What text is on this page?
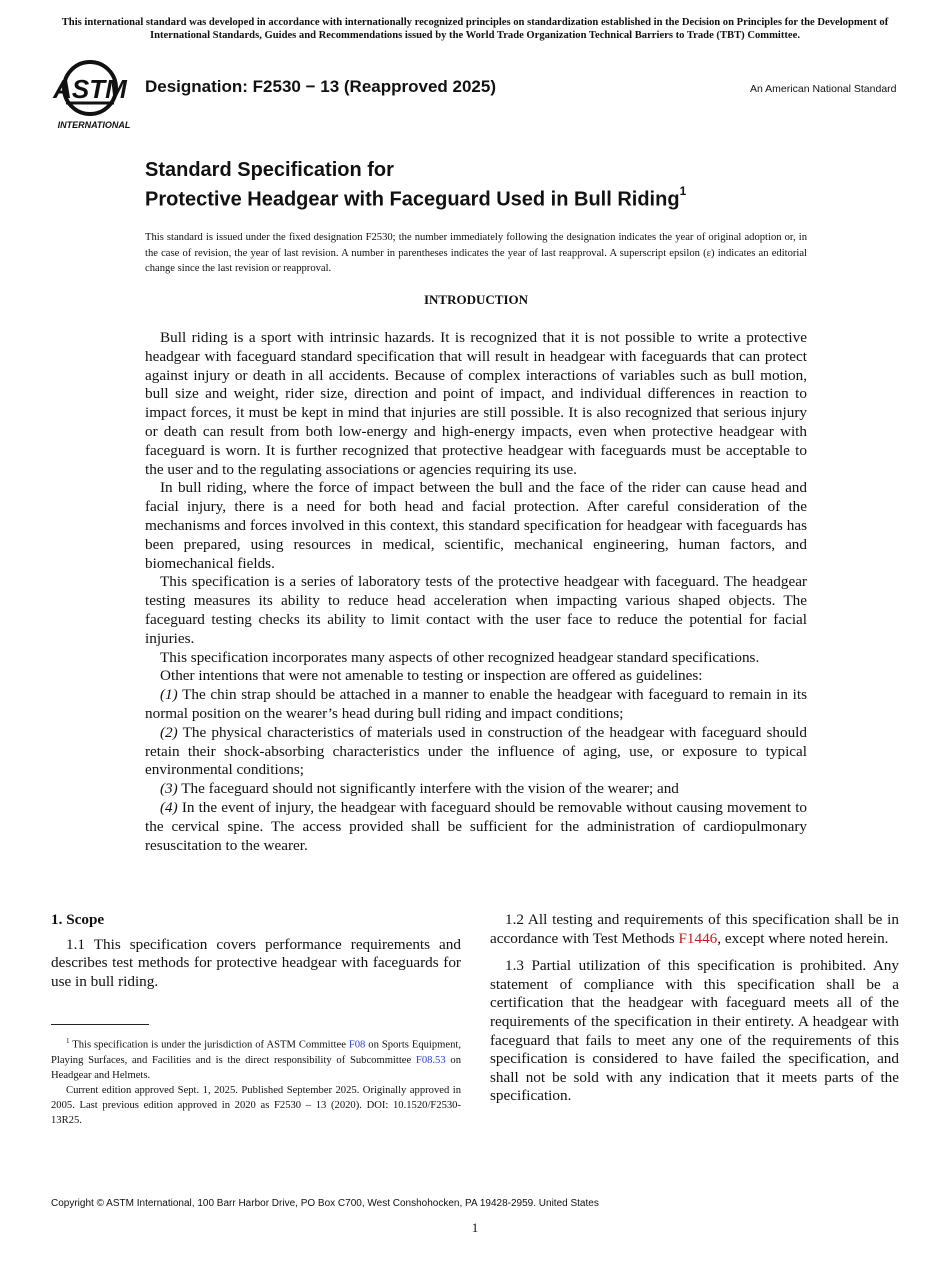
This international standard was developed in accordance with internationally recognized principles on standardization established in the Decision on Principles for the Development of International Standards, Guides and Recommendations issued by the World Trade Organization Technical Barriers to Trade (TBT) Committee.
ASTM
INTERNATIONAL
Designation: F2530 − 13 (Reapproved 2025)	An American National Standard
Standard Specification for
Protective Headgear with Faceguard Used in Bull Riding$^1$
This standard is issued under the fixed designation F2530; the number immediately following the designation indicates the year of original adoption or, in the case of revision, the year of last revision. A number in parentheses indicates the year of last reapproval. A superscript epsilon (ε) indicates an editorial change since the last revision or reapproval.
INTRODUCTION

Bull riding is a sport with intrinsic hazards. It is recognized that it is not possible to write a protective headgear with faceguard standard specification that will result in headgear with faceguards that can protect against injury or death in all accidents. Because of complex interactions of variables such as bull motion, bull size and weight, rider size, direction and point of impact, and individual differences in reaction to impact forces, it must be kept in mind that injuries are still possible. It is also recognized that serious injury or death can result from both low-energy and high-energy impacts, even when protective headgear with faceguard is worn. It is further recognized that protective headgear with faceguards must be acceptable to the user and to the regulating associations or agencies requiring its use.

In bull riding, where the force of impact between the bull and the face of the rider can cause head and facial injury, there is a need for both head and facial protection. After careful consideration of the mechanisms and forces involved in this context, this standard specification for headgear with faceguards has been prepared, using resources in medical, scientific, mechanical engineering, human factors, and biomechanical fields.

This specification is a series of laboratory tests of the protective headgear with faceguard. The headgear testing measures its ability to reduce head acceleration when impacting various shaped objects. The faceguard testing checks its ability to limit contact with the user face to reduce the potential for facial injuries.

This specification incorporates many aspects of other recognized headgear standard specifications.

Other intentions that were not amenable to testing or inspection are offered as guidelines:

(1) The chin strap should be attached in a manner to enable the headgear with faceguard to remain in its normal position on the wearer’s head during bull riding and impact conditions;

(2) The physical characteristics of materials used in construction of the headgear with faceguard should retain their shock-absorbing characteristics under the influence of aging, use, or exposure to typical environmental conditions;

(3) The faceguard should not significantly interfere with the vision of the wearer; and

(4) In the event of injury, the headgear with faceguard should be removable without causing movement to the cervical spine. The access provided shall be sufficient for the administration of cardiopulmonary resuscitation to the wearer.

1. Scope

1.1 This specification covers performance requirements and describes test methods for protective headgear with faceguards for use in bull riding.

1.2 All testing and requirements of this specification shall be in accordance with Test Methods F1446, except where noted herein.

1.3 Partial utilization of this specification is prohibited. Any statement of compliance with this specification shall be a certification that the headgear with faceguard meets all of the requirements of the specification in their entirety. A headgear with faceguard that fails to meet any one of the requirements of this specification is considered to have failed the specification, and shall not be sold with any indication that it meets parts of the specification.

$^1$ This specification is under the jurisdiction of ASTM Committee F08 on Sports Equipment, Playing Surfaces, and Facilities and is the direct responsibility of Subcommittee F08.53 on Headgear and Helmets.

Current edition approved Sept. 1, 2025. Published September 2025. Originally approved in 2005. Last previous edition approved in 2020 as F2530 – 13 (2020). DOI: 10.1520/F2530-13R25.

Copyright © ASTM International, 100 Barr Harbor Drive, PO Box C700, West Conshohocken, PA 19428-2959. United States
1
